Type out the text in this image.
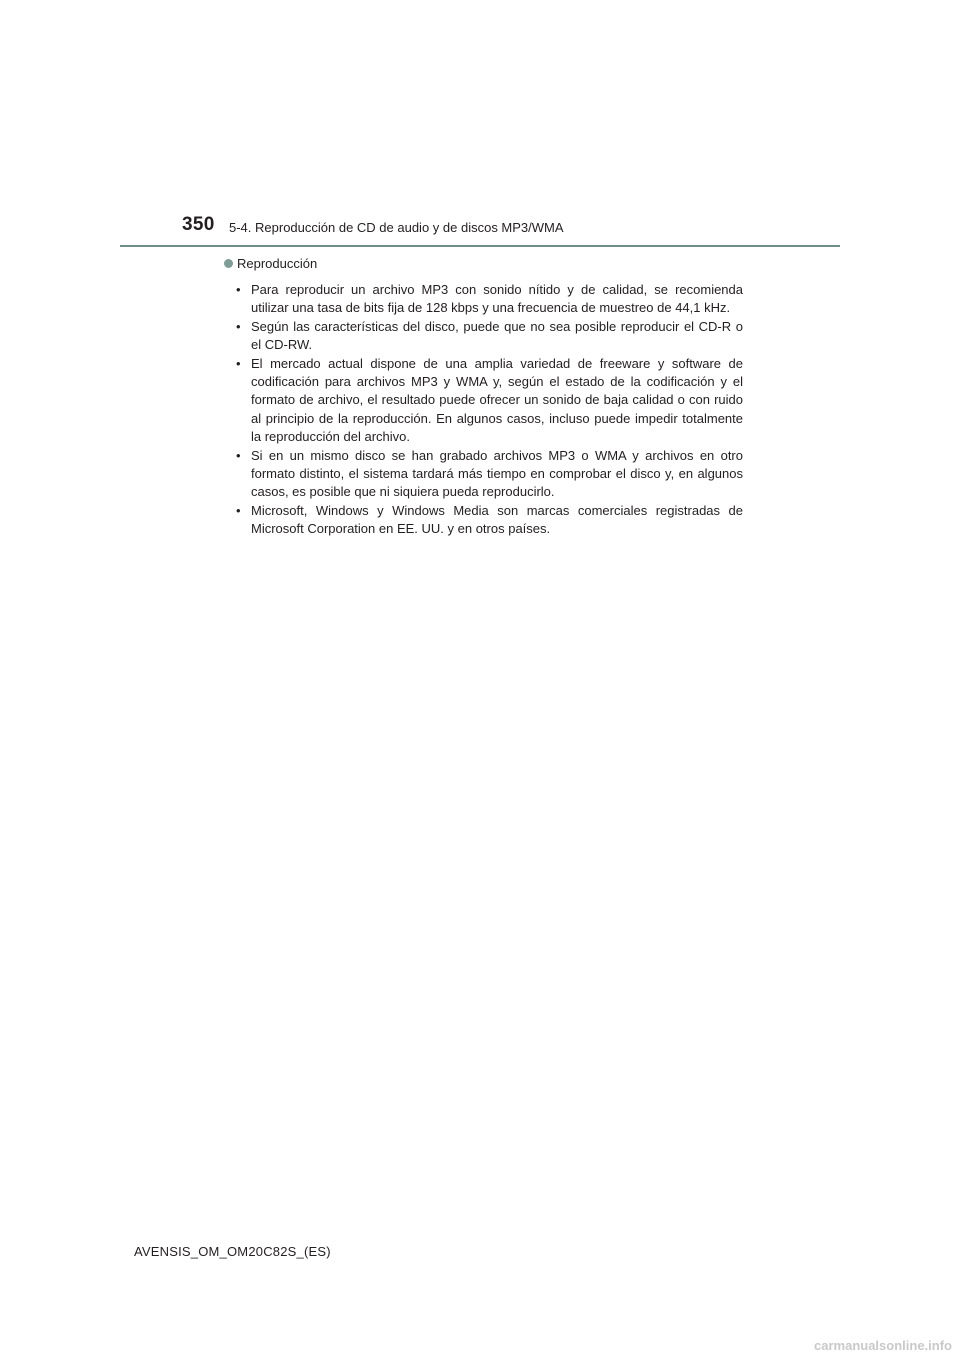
350 5-4. Reproducción de CD de audio y de discos MP3/WMA
Reproducción
• Para reproducir un archivo MP3 con sonido nítido y de calidad, se recomienda utilizar una tasa de bits fija de 128 kbps y una frecuencia de muestreo de 44,1 kHz.
• Según las características del disco, puede que no sea posible reproducir el CD-R o el CD-RW.
• El mercado actual dispone de una amplia variedad de freeware y software de codificación para archivos MP3 y WMA y, según el estado de la codificación y el formato de archivo, el resultado puede ofrecer un sonido de baja calidad o con ruido al principio de la reproducción. En algunos casos, incluso puede impedir totalmente la reproducción del archivo.
• Si en un mismo disco se han grabado archivos MP3 o WMA y archivos en otro formato distinto, el sistema tardará más tiempo en comprobar el disco y, en algunos casos, es posible que ni siquiera pueda reproducirlo.
• Microsoft, Windows y Windows Media son marcas comerciales registradas de Microsoft Corporation en EE. UU. y en otros países.
AVENSIS_OM_OM20C82S_(ES)
carmanualsonline.info
